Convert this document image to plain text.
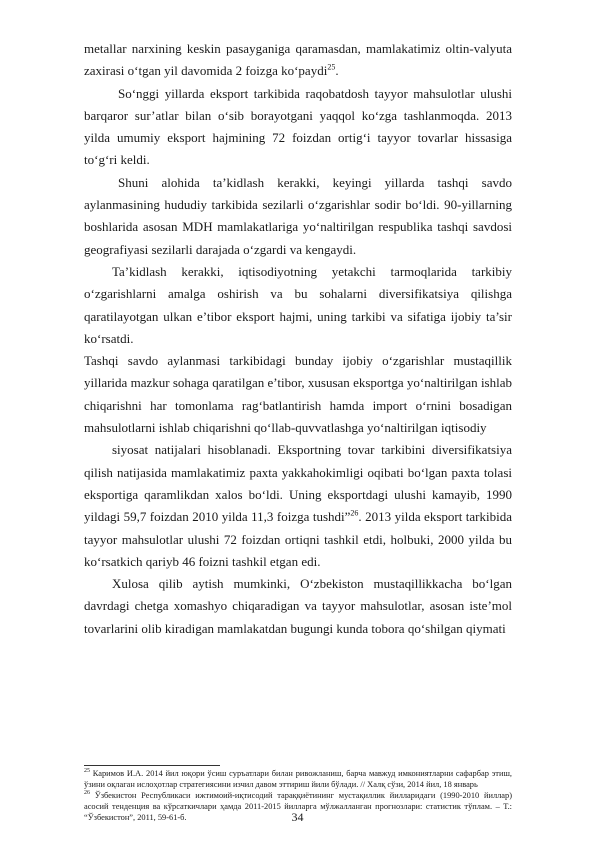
metallar narxining keskin pasayganiga qaramasdan, mamlakatimiz oltin-valyuta zaxirasi o‘tgan yil davomida 2 foizga ko‘paydi$^{25}$.

So‘nggi yillarda eksport tarkibida raqobatdosh tayyor mahsulotlar ulushi barqaror sur’atlar bilan o‘sib borayotgani yaqqol ko‘zga tashlanmoqda. 2013 yilda umumiy eksport hajmining 72 foizdan ortig‘i tayyor tovarlar hissasiga to‘g‘ri keldi.

Shuni alohida ta’kidlash kerakki, keyingi yillarda tashqi savdo aylanmasining hududiy tarkibida sezilarli o‘zgarishlar sodir bo‘ldi. 90-yillarning boshlarida asosan MDH mamlakatlariga yo‘naltirilgan respublika tashqi savdosi geografiyasi sezilarli darajada o‘zgardi va kengaydi.

Ta’kidlash kerakki, iqtisodiyotning yetakchi tarmoqlarida tarkibiy o‘zgarishlarni amalga oshirish va bu sohalarni diversifikatsiya qilishga qaratilayotgan ulkan e’tibor eksport hajmi, uning tarkibi va sifatiga ijobiy ta’sir ko‘rsatdi.

Tashqi savdo aylanmasi tarkibidagi bunday ijobiy o‘zgarishlar mustaqillik yillarida mazkur sohaga qaratilgan e’tibor, xususan eksportga yo‘naltirilgan ishlab chiqarishni har tomonlama rag‘batlantirish hamda import o‘rnini bosadigan mahsulotlarni ishlab chiqarishni qo‘llab-quvvatlashga yo‘naltirilgan iqtisodiy

siyosat natijalari hisoblanadi. Eksportning tovar tarkibini diversifikatsiya qilish natijasida mamlakatimiz paxta yakkahokimligi oqibati bo‘lgan paxta tolasi eksportiga qaramlikdan xalos bo‘ldi. Uning eksportdagi ulushi kamayib, 1990 yildagi 59,7 foizdan 2010 yilda 11,3 foizga tushdi”$^{26}$. 2013 yilda eksport tarkibida tayyor mahsulotlar ulushi 72 foizdan ortiqni tashkil etdi, holbuki, 2000 yilda bu ko‘rsatkich qariyb 46 foizni tashkil etgan edi.

Xulosa qilib aytish mumkinki, O‘zbekiston mustaqillikkacha bo‘lgan davrdagi chetga xomashyo chiqaradigan va tayyor mahsulotlar, asosan iste’mol tovarlarini olib kiradigan mamlakatdan bugungi kunda tobora qo‘shilgan qiymati

$^{25}$ Каримов И.А. 2014 йил юқори ўсиш суръатлари билан ривожланиш, барча мавжуд имкониятларни сафарбар этиш, ўзини оқлаган ислоҳотлар стратегиясини изчил давом эттириш йили бўлади. // Халқ сўзи, 2014 йил, 18 январь

$^{26}$ Ўзбекистон Республикаси ижтимоий-иқтисодий тараққиётининг мустақиллик йилларидаги (1990-2010 йиллар) асосий тенденция ва кўрсаткичлари ҳамда 2011-2015 йилларга мўлжалланган прогнозлари: статистик тўплам. – Т.: “Ўзбекистон”, 2011, 59-61-б.	34
